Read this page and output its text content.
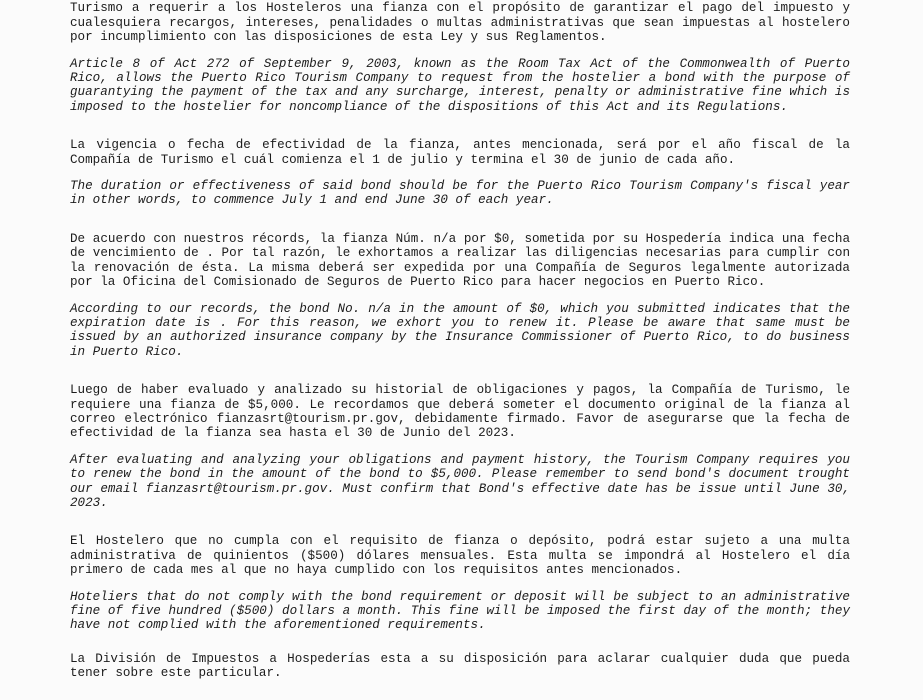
Turismo a requerir a los Hosteleros una fianza con el propósito de garantizar el pago del impuesto y cualesquiera recargos, intereses, penalidades o multas administrativas que sean impuestas al hostelero por incumplimiento con las disposiciones de esta Ley y sus Reglamentos.

Article 8 of Act 272 of September 9, 2003, known as the Room Tax Act of the Commonwealth of Puerto Rico, allows the Puerto Rico Tourism Company to request from the hostelier a bond with the purpose of guarantying the payment of the tax and any surcharge, interest, penalty or administrative fine which is imposed to the hostelier for noncompliance of the dispositions of this Act and its Regulations.

La vigencia o fecha de efectividad de la fianza, antes mencionada, será por el año fiscal de la Compañía de Turismo el cuál comienza el 1 de julio y termina el 30 de junio de cada año.

The duration or effectiveness of said bond should be for the Puerto Rico Tourism Company's fiscal year in other words, to commence July 1 and end June 30 of each year.

De acuerdo con nuestros récords, la fianza Núm. n/a por $0, sometida por su Hospedería indica una fecha de vencimiento de . Por tal razón, le exhortamos a realizar las diligencias necesarias para cumplir con la renovación de ésta. La misma deberá ser expedida por una Compañía de Seguros legalmente autorizada por la Oficina del Comisionado de Seguros de Puerto Rico para hacer negocios en Puerto Rico.

According to our records, the bond No. n/a in the amount of $0, which you submitted indicates that the expiration date is . For this reason, we exhort you to renew it. Please be aware that same must be issued by an authorized insurance company by the Insurance Commissioner of Puerto Rico, to do business in Puerto Rico.

Luego de haber evaluado y analizado su historial de obligaciones y pagos, la Compañía de Turismo, le requiere una fianza de $5,000. Le recordamos que deberá someter el documento original de la fianza al correo electrónico fianzasrt@tourism.pr.gov, debidamente firmado. Favor de asegurarse que la fecha de efectividad de la fianza sea hasta el 30 de Junio del 2023.

After evaluating and analyzing your obligations and payment history, the Tourism Company requires you to renew the bond in the amount of the bond to $5,000. Please remember to send bond's document trought our email fianzasrt@tourism.pr.gov. Must confirm that Bond's effective date has be issue until June 30, 2023.

El Hostelero que no cumpla con el requisito de fianza o depósito, podrá estar sujeto a una multa administrativa de quinientos ($500) dólares mensuales. Esta multa se impondrá al Hostelero el día primero de cada mes al que no haya cumplido con los requisitos antes mencionados.

Hoteliers that do not comply with the bond requirement or deposit will be subject to an administrative fine of five hundred ($500) dollars a month. This fine will be imposed the first day of the month; they have not complied with the aforementioned requirements.

La División de Impuestos a Hospederías esta a su disposición para aclarar cualquier duda que pueda tener sobre este particular.
